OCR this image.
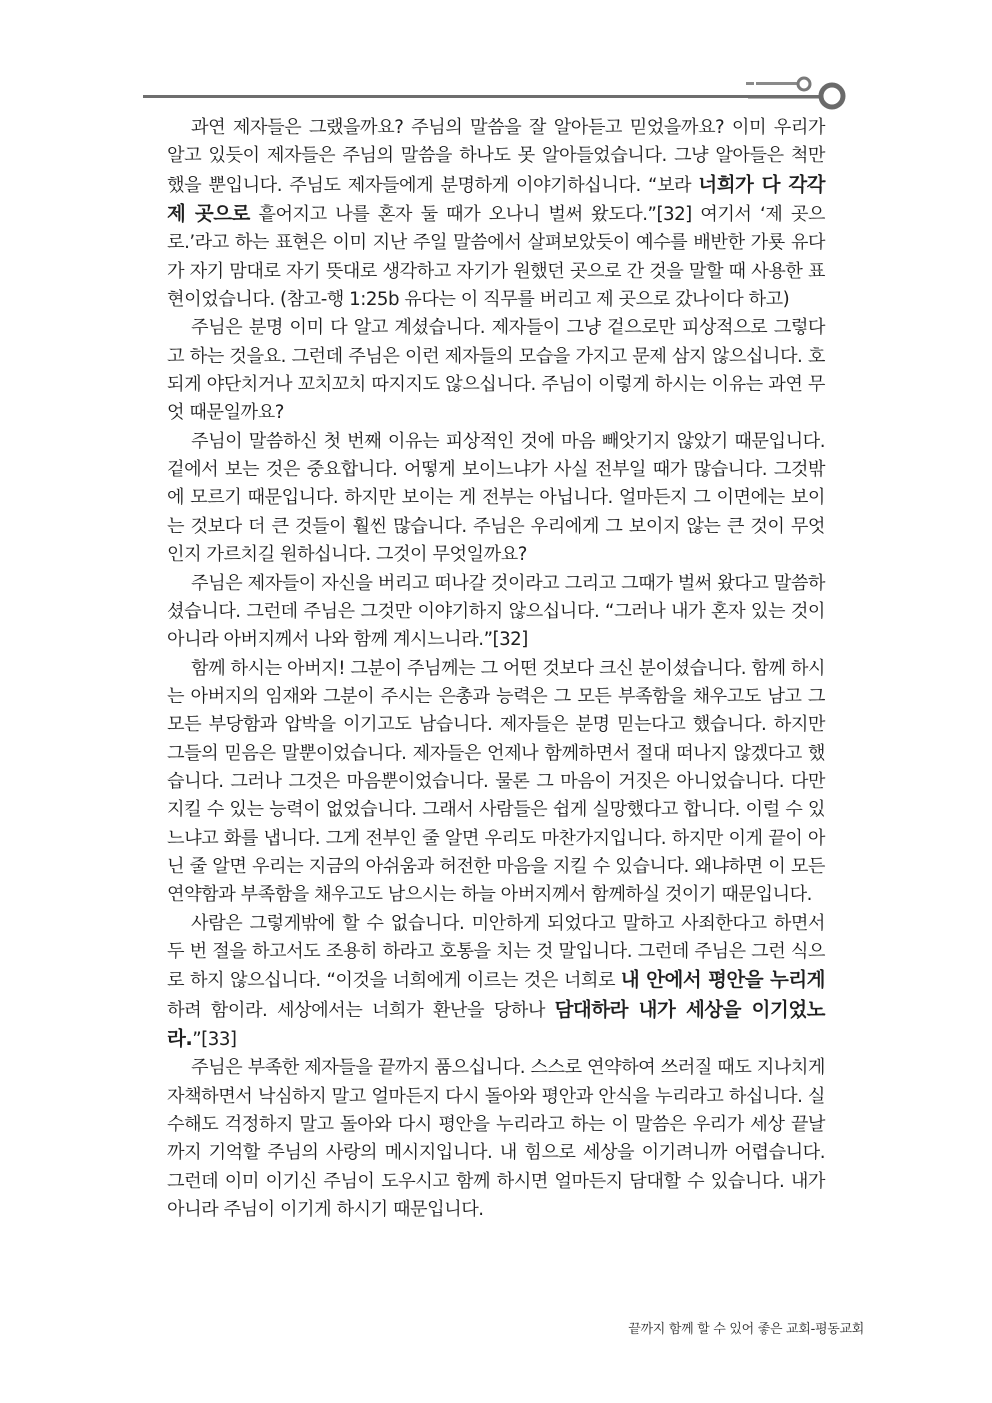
과연 제자들은 그랬을까요? 주님의 말씀을 잘 알아듣고 믿었을까요? 이미 우리가 알고 있듯이 제자들은 주님의 말씀을 하나도 못 알아들었습니다. 그냥 알아들은 척만 했을 뿐입니다. 주님도 제자들에게 분명하게 이야기하십니다. “보라 너희가 다 각각 제 곳으로 흩어지고 나를 혼자 둘 때가 오나니 벌써 왔도다.”[32] 여기서 ‘제 곳으로.’라고 하는 표현은 이미 지난 주일 말씀에서 살펴보았듯이 예수를 배반한 가룟 유다가 자기 맘대로 자기 뜻대로 생각하고 자기가 원했던 곳으로 간 것을 말할 때 사용한 표현이었습니다. (참고-행 1:25b 유다는 이 직무를 버리고 제 곳으로 갔나이다 하고)

주님은 분명 이미 다 알고 계셨습니다. 제자들이 그냥 겉으로만 피상적으로 그렇다고 하는 것을요. 그런데 주님은 이런 제자들의 모습을 가지고 문제 삼지 않으십니다. 호되게 야단치거나 꼬치꼬치 따지지도 않으십니다. 주님이 이렇게 하시는 이유는 과연 무엇 때문일까요?

주님이 말씀하신 첫 번째 이유는 피상적인 것에 마음 빼앗기지 않았기 때문입니다. 겉에서 보는 것은 중요합니다. 어떻게 보이느냐가 사실 전부일 때가 많습니다. 그것밖에 모르기 때문입니다. 하지만 보이는 게 전부는 아닙니다. 얼마든지 그 이면에는 보이는 것보다 더 큰 것들이 훨씬 많습니다. 주님은 우리에게 그 보이지 않는 큰 것이 무엇인지 가르치길 원하십니다. 그것이 무엇일까요?

주님은 제자들이 자신을 버리고 떠나갈 것이라고 그리고 그때가 벌써 왔다고 말씀하셨습니다. 그런데 주님은 그것만 이야기하지 않으십니다. “그러나 내가 혼자 있는 것이 아니라 아버지께서 나와 함께 계시느니라.”[32]

함께 하시는 아버지! 그분이 주님께는 그 어떤 것보다 크신 분이셨습니다. 함께 하시는 아버지의 임재와 그분이 주시는 은총과 능력은 그 모든 부족함을 채우고도 남고 그 모든 부당함과 압박을 이기고도 남습니다. 제자들은 분명 믿는다고 했습니다. 하지만 그들의 믿음은 말뿐이었습니다. 제자들은 언제나 함께하면서 절대 떠나지 않겠다고 했습니다. 그러나 그것은 마음뿐이었습니다. 물론 그 마음이 거짓은 아니었습니다. 다만 지킬 수 있는 능력이 없었습니다. 그래서 사람들은 쉽게 실망했다고 합니다. 이럴 수 있느냐고 화를 냅니다. 그게 전부인 줄 알면 우리도 마찬가지입니다. 하지만 이게 끝이 아닌 줄 알면 우리는 지금의 아쉬움과 허전한 마음을 지킬 수 있습니다. 왜냐하면 이 모든 연약함과 부족함을 채우고도 남으시는 하늘 아버지께서 함께하실 것이기 때문입니다.

사람은 그렇게밖에 할 수 없습니다. 미안하게 되었다고 말하고 사죄한다고 하면서 두 번 절을 하고서도 조용히 하라고 호통을 치는 것 말입니다. 그런데 주님은 그런 식으로 하지 않으십니다. “이것을 너희에게 이르는 것은 너희로 내 안에서 평안을 누리게 하려 함이라. 세상에서는 너희가 환난을 당하나 담대하라 내가 세상을 이기었노라.”[33]

주님은 부족한 제자들을 끝까지 품으십니다. 스스로 연약하여 쓰러질 때도 지나치게 자책하면서 낙심하지 말고 얼마든지 다시 돌아와 평안과 안식을 누리라고 하십니다. 실수해도 걱정하지 말고 돌아와 다시 평안을 누리라고 하는 이 말씀은 우리가 세상 끝날까지 기억할 주님의 사랑의 메시지입니다. 내 힘으로 세상을 이기려니까 어렵습니다. 그런데 이미 이기신 주님이 도우시고 함께 하시면 얼마든지 담대할 수 있습니다. 내가 아니라 주님이 이기게 하시기 때문입니다.

끝까지 함께 할 수 있어 좋은 교회-평동교회
